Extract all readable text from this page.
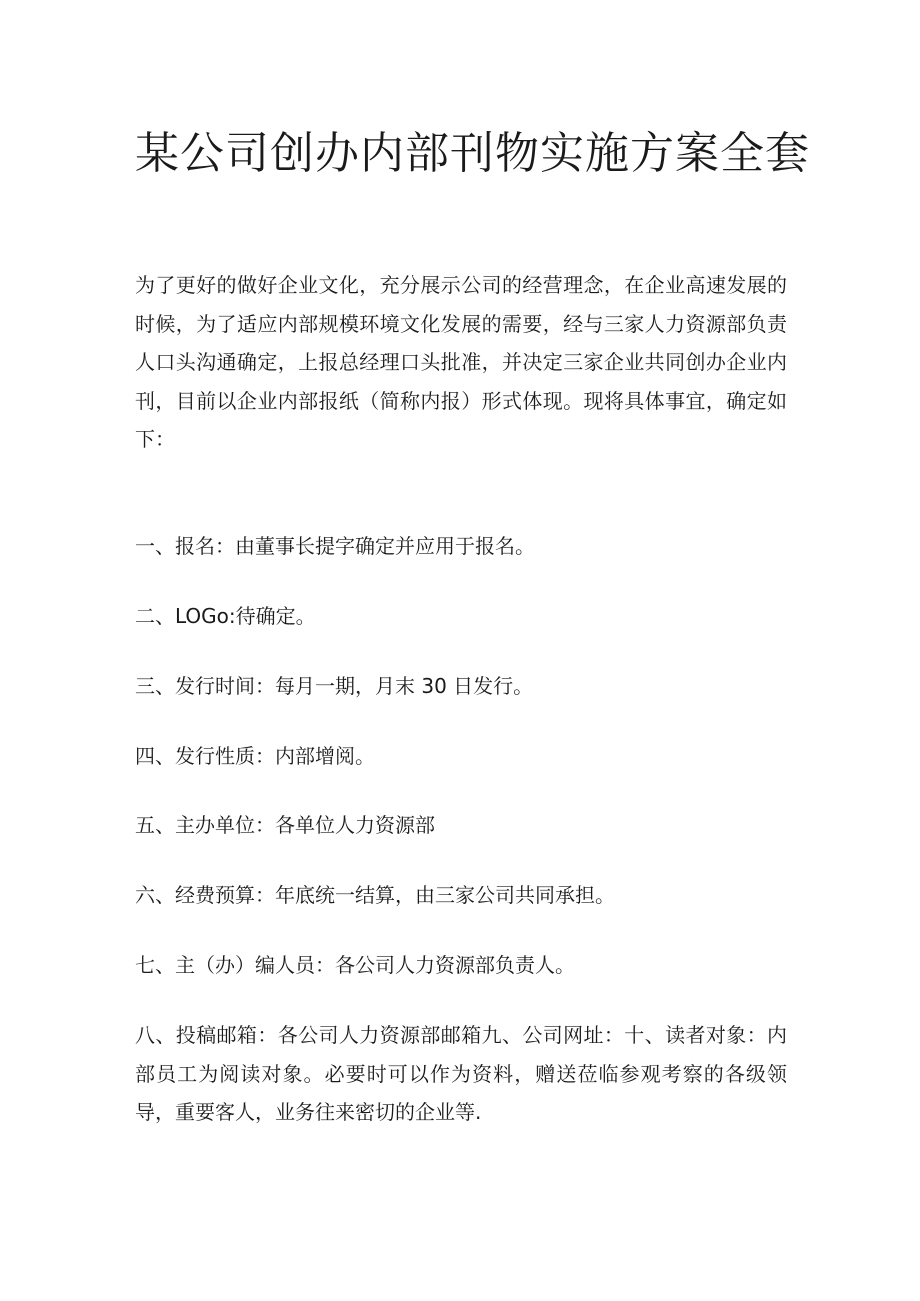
某公司创办内部刊物实施方案全套

为了更好的做好企业文化，充分展示公司的经营理念，在企业高速发展的时候，为了适应内部规模环境文化发展的需要，经与三家人力资源部负责人口头沟通确定，上报总经理口头批准，并决定三家企业共同创办企业内刊，目前以企业内部报纸（简称内报）形式体现。现将具体事宜，确定如下：

一、报名：由董事长提字确定并应用于报名。

二、LOGo:待确定。

三、发行时间：每月一期，月末 30 日发行。

四、发行性质：内部增阅。

五、主办单位：各单位人力资源部

六、经费预算：年底统一结算，由三家公司共同承担。

七、主（办）编人员：各公司人力资源部负责人。

八、投稿邮箱：各公司人力资源部邮箱九、公司网址：十、读者对象：内部员工为阅读对象。必要时可以作为资料，赠送莅临参观考察的各级领导，重要客人，业务往来密切的企业等.
